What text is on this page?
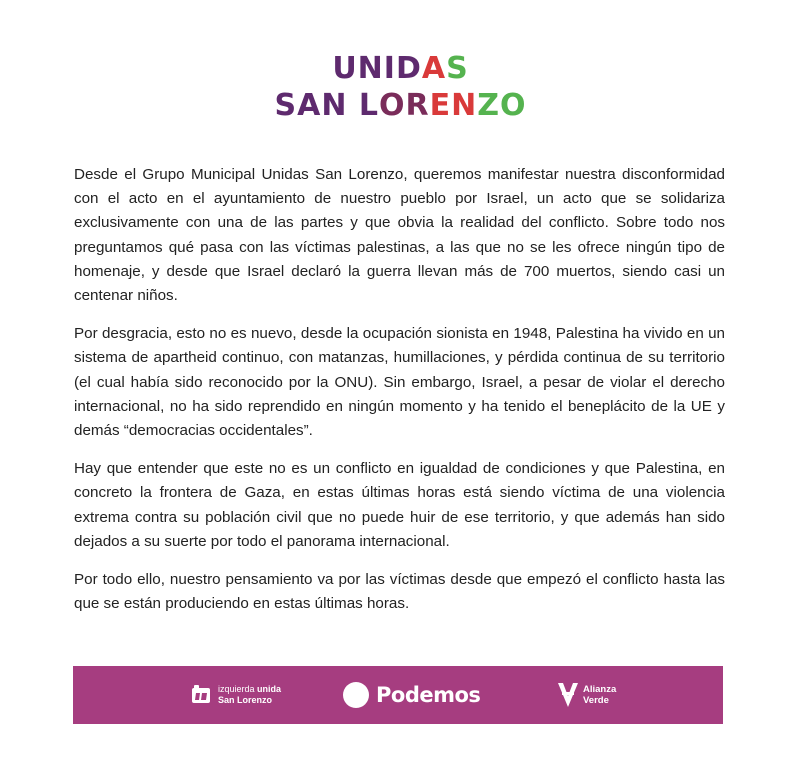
UNIDAS
SAN LORENZO

Desde el Grupo Municipal Unidas San Lorenzo, queremos manifestar nuestra disconformidad con el acto en el ayuntamiento de nuestro pueblo por Israel, un acto que se solidariza exclusivamente con una de las partes y que obvia la realidad del conflicto. Sobre todo nos preguntamos qué pasa con las víctimas palestinas, a las que no se les ofrece ningún tipo de homenaje, y desde que Israel declaró la guerra llevan más de 700 muertos, siendo casi un centenar niños.

Por desgracia, esto no es nuevo, desde la ocupación sionista en 1948, Palestina ha vivido en un sistema de apartheid continuo, con matanzas, humillaciones, y pérdida continua de su territorio (el cual había sido reconocido por la ONU). Sin embargo, Israel, a pesar de violar el derecho internacional, no ha sido reprendido en ningún momento y ha tenido el beneplácito de la UE y demás “democracias occidentales”.

Hay que entender que este no es un conflicto en igualdad de condiciones y que Palestina, en concreto la frontera de Gaza, en estas últimas horas está siendo víctima de una violencia extrema contra su población civil que no puede huir de ese territorio, y que además han sido dejados a su suerte por todo el panorama internacional.

Por todo ello, nuestro pensamiento va por las víctimas desde que empezó el conflicto hasta las que se están produciendo en estas últimas horas.

izquierda unida
San Lorenzo	Podemos	Alianza
Verde
